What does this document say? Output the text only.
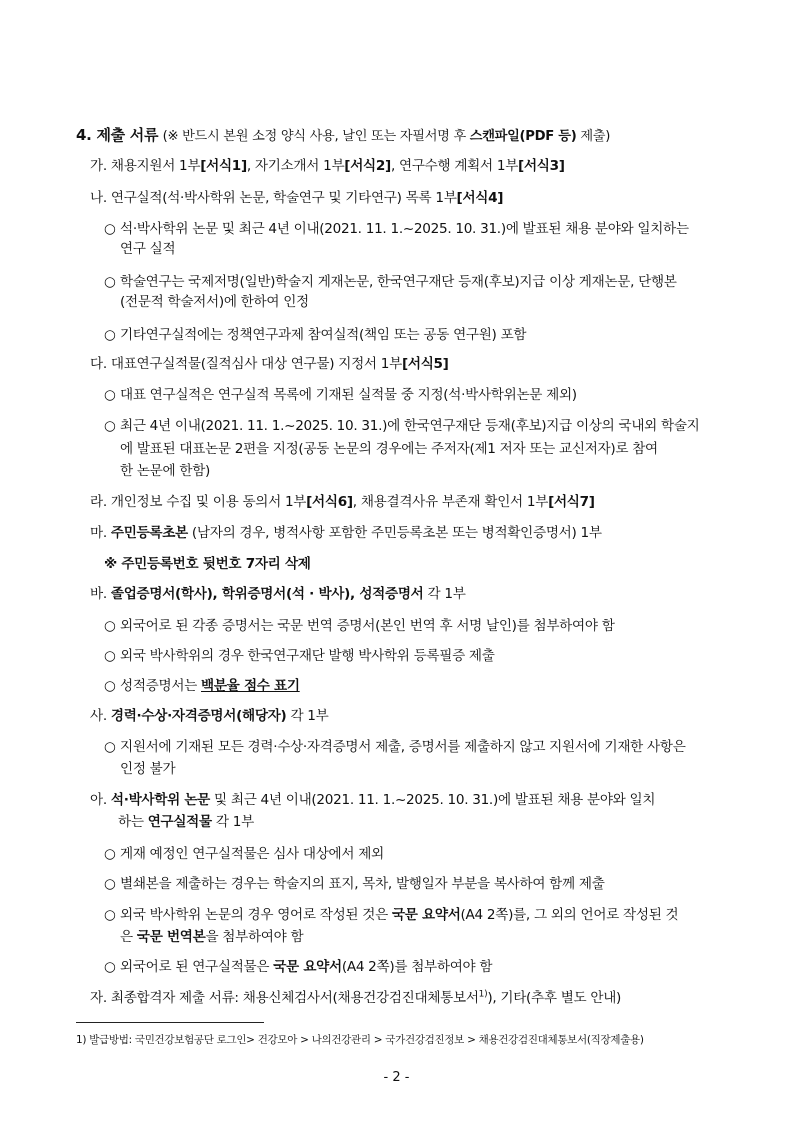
4. 제출 서류 (※ 반드시 본원 소정 양식 사용, 날인 또는 자필서명 후 스캔파일(PDF 등) 제출)
가. 채용지원서 1부[서식1], 자기소개서 1부[서식2], 연구수행 계획서 1부[서식3]
나. 연구실적(석·박사학위 논문, 학술연구 및 기타연구) 목록 1부[서식4]
○석·박사학위 논문 및 최근 4년 이내(2021. 11. 1.~2025. 10. 31.)에 발표된 채용 분야와 일치하는
연구 실적
○학술연구는 국제저명(일반)학술지 게재논문, 한국연구재단 등재(후보)지급 이상 게재논문, 단행본
(전문적 학술저서)에 한하여 인정
○기타연구실적에는 정책연구과제 참여실적(책임 또는 공동 연구원) 포함
다. 대표연구실적물(질적심사 대상 연구물) 지정서 1부[서식5]
○대표 연구실적은 연구실적 목록에 기재된 실적물 중 지정(석·박사학위논문 제외)
○최근 4년 이내(2021. 11. 1.~2025. 10. 31.)에 한국연구재단 등재(후보)지급 이상의 국내외 학술지
에 발표된 대표논문 2편을 지정(공동 논문의 경우에는 주저자(제1 저자 또는 교신저자)로 참여
한 논문에 한함)
라. 개인정보 수집 및 이용 동의서 1부[서식6], 채용결격사유 부존재 확인서 1부[서식7]
마. 주민등록초본 (남자의 경우, 병적사항 포함한 주민등록초본 또는 병적확인증명서) 1부
※ 주민등록번호 뒷번호 7자리 삭제
바. 졸업증명서(학사), 학위증명서(석 · 박사), 성적증명서 각 1부
○외국어로 된 각종 증명서는 국문 번역 증명서(본인 번역 후 서명 날인)를 첨부하여야 함
○외국 박사학위의 경우 한국연구재단 발행 박사학위 등록필증 제출
○성적증명서는 백분율 점수 표기
사. 경력·수상·자격증명서(해당자) 각 1부
○지원서에 기재된 모든 경력·수상·자격증명서 제출, 증명서를 제출하지 않고 지원서에 기재한 사항은
인정 불가
아. 석·박사학위 논문 및 최근 4년 이내(2021. 11. 1.~2025. 10. 31.)에 발표된 채용 분야와 일치
하는 연구실적물 각 1부
○게재 예정인 연구실적물은 심사 대상에서 제외
○별쇄본을 제출하는 경우는 학술지의 표지, 목차, 발행일자 부분을 복사하여 함께 제출
○외국 박사학위 논문의 경우 영어로 작성된 것은 국문 요약서(A4 2쪽)를, 그 외의 언어로 작성된 것
은 국문 번역본을 첨부하여야 함
○외국어로 된 연구실적물은 국문 요약서(A4 2쪽)를 첨부하여야 함
자. 최종합격자 제출 서류: 채용신체검사서(채용건강검진대체통보서$^{1)}$), 기타(추후 별도 안내)
1) 발급방법: 국민건강보험공단 로그인> 건강모아 > 나의건강관리 > 국가건강검진정보 > 채용건강검진대체통보서(직장제출용)
- 2 -
